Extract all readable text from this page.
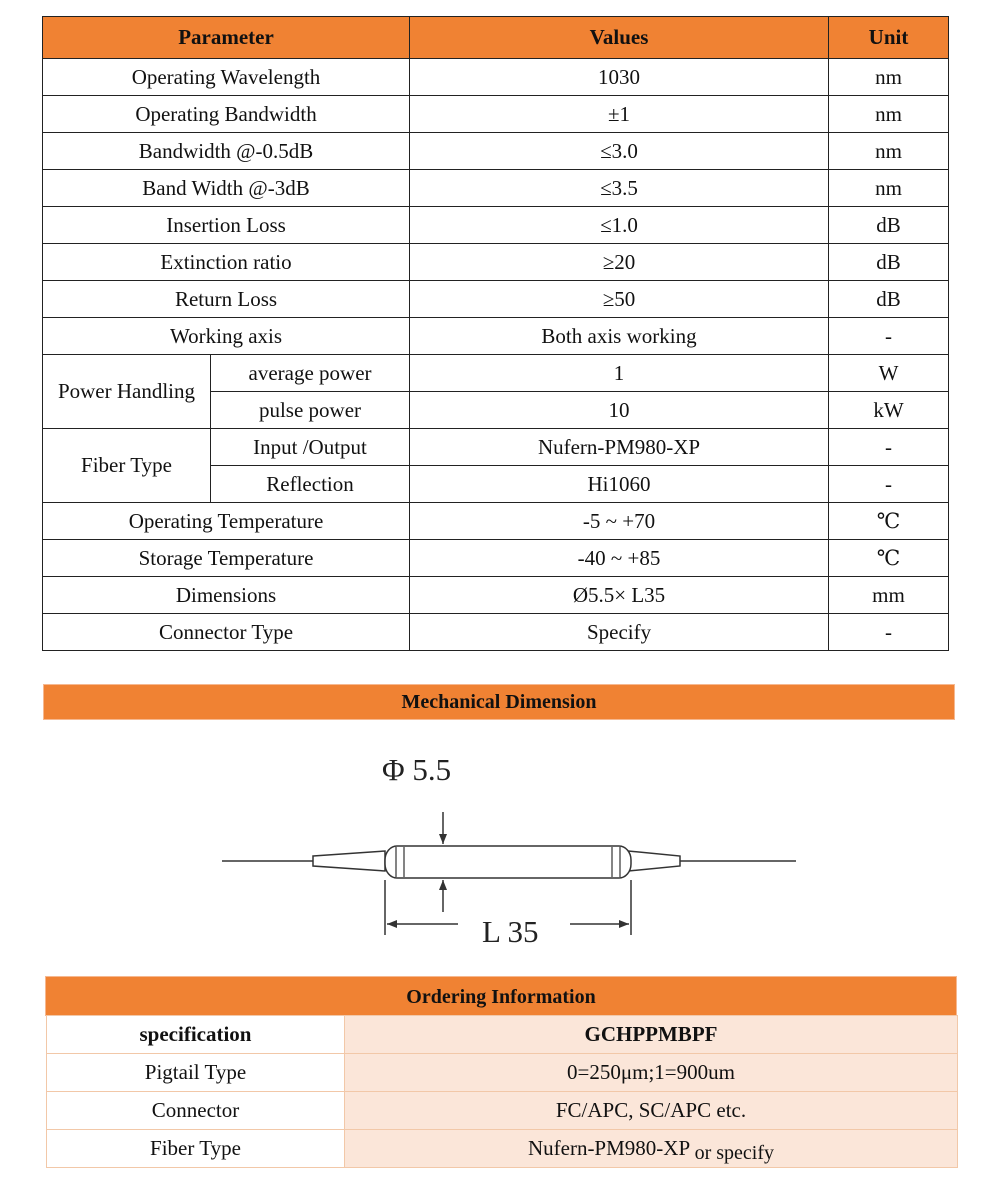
Parameter		Values	Unit
Operating Wavelength		1030	nm
Operating Bandwidth		±1	nm
Bandwidth @-0.5dB		≤3.0	nm
Band Width @-3dB		≤3.5	nm
Insertion Loss		≤1.0	dB
Extinction ratio		≥20	dB
Return Loss		≥50	dB
Working axis		Both axis working	-
Power Handling	average power	1	W
	pulse power	10	kW
Fiber Type	Input /Output	Nufern-PM980-XP	-
	Reflection	Hi1060	-
Operating Temperature		-5 ~ +70	℃
Storage Temperature		-40 ~ +85	℃
Dimensions		Ø5.5× L35	mm
Connector Type		Specify	-
Mechanical Dimension
Φ 5.5
L 35
Ordering Information
specification	GCHPPMBPF
Pigtail Type	0=250μm;1=900um
Connector	FC/APC, SC/APC etc.
Fiber Type	Nufern-PM980-XP or specify
